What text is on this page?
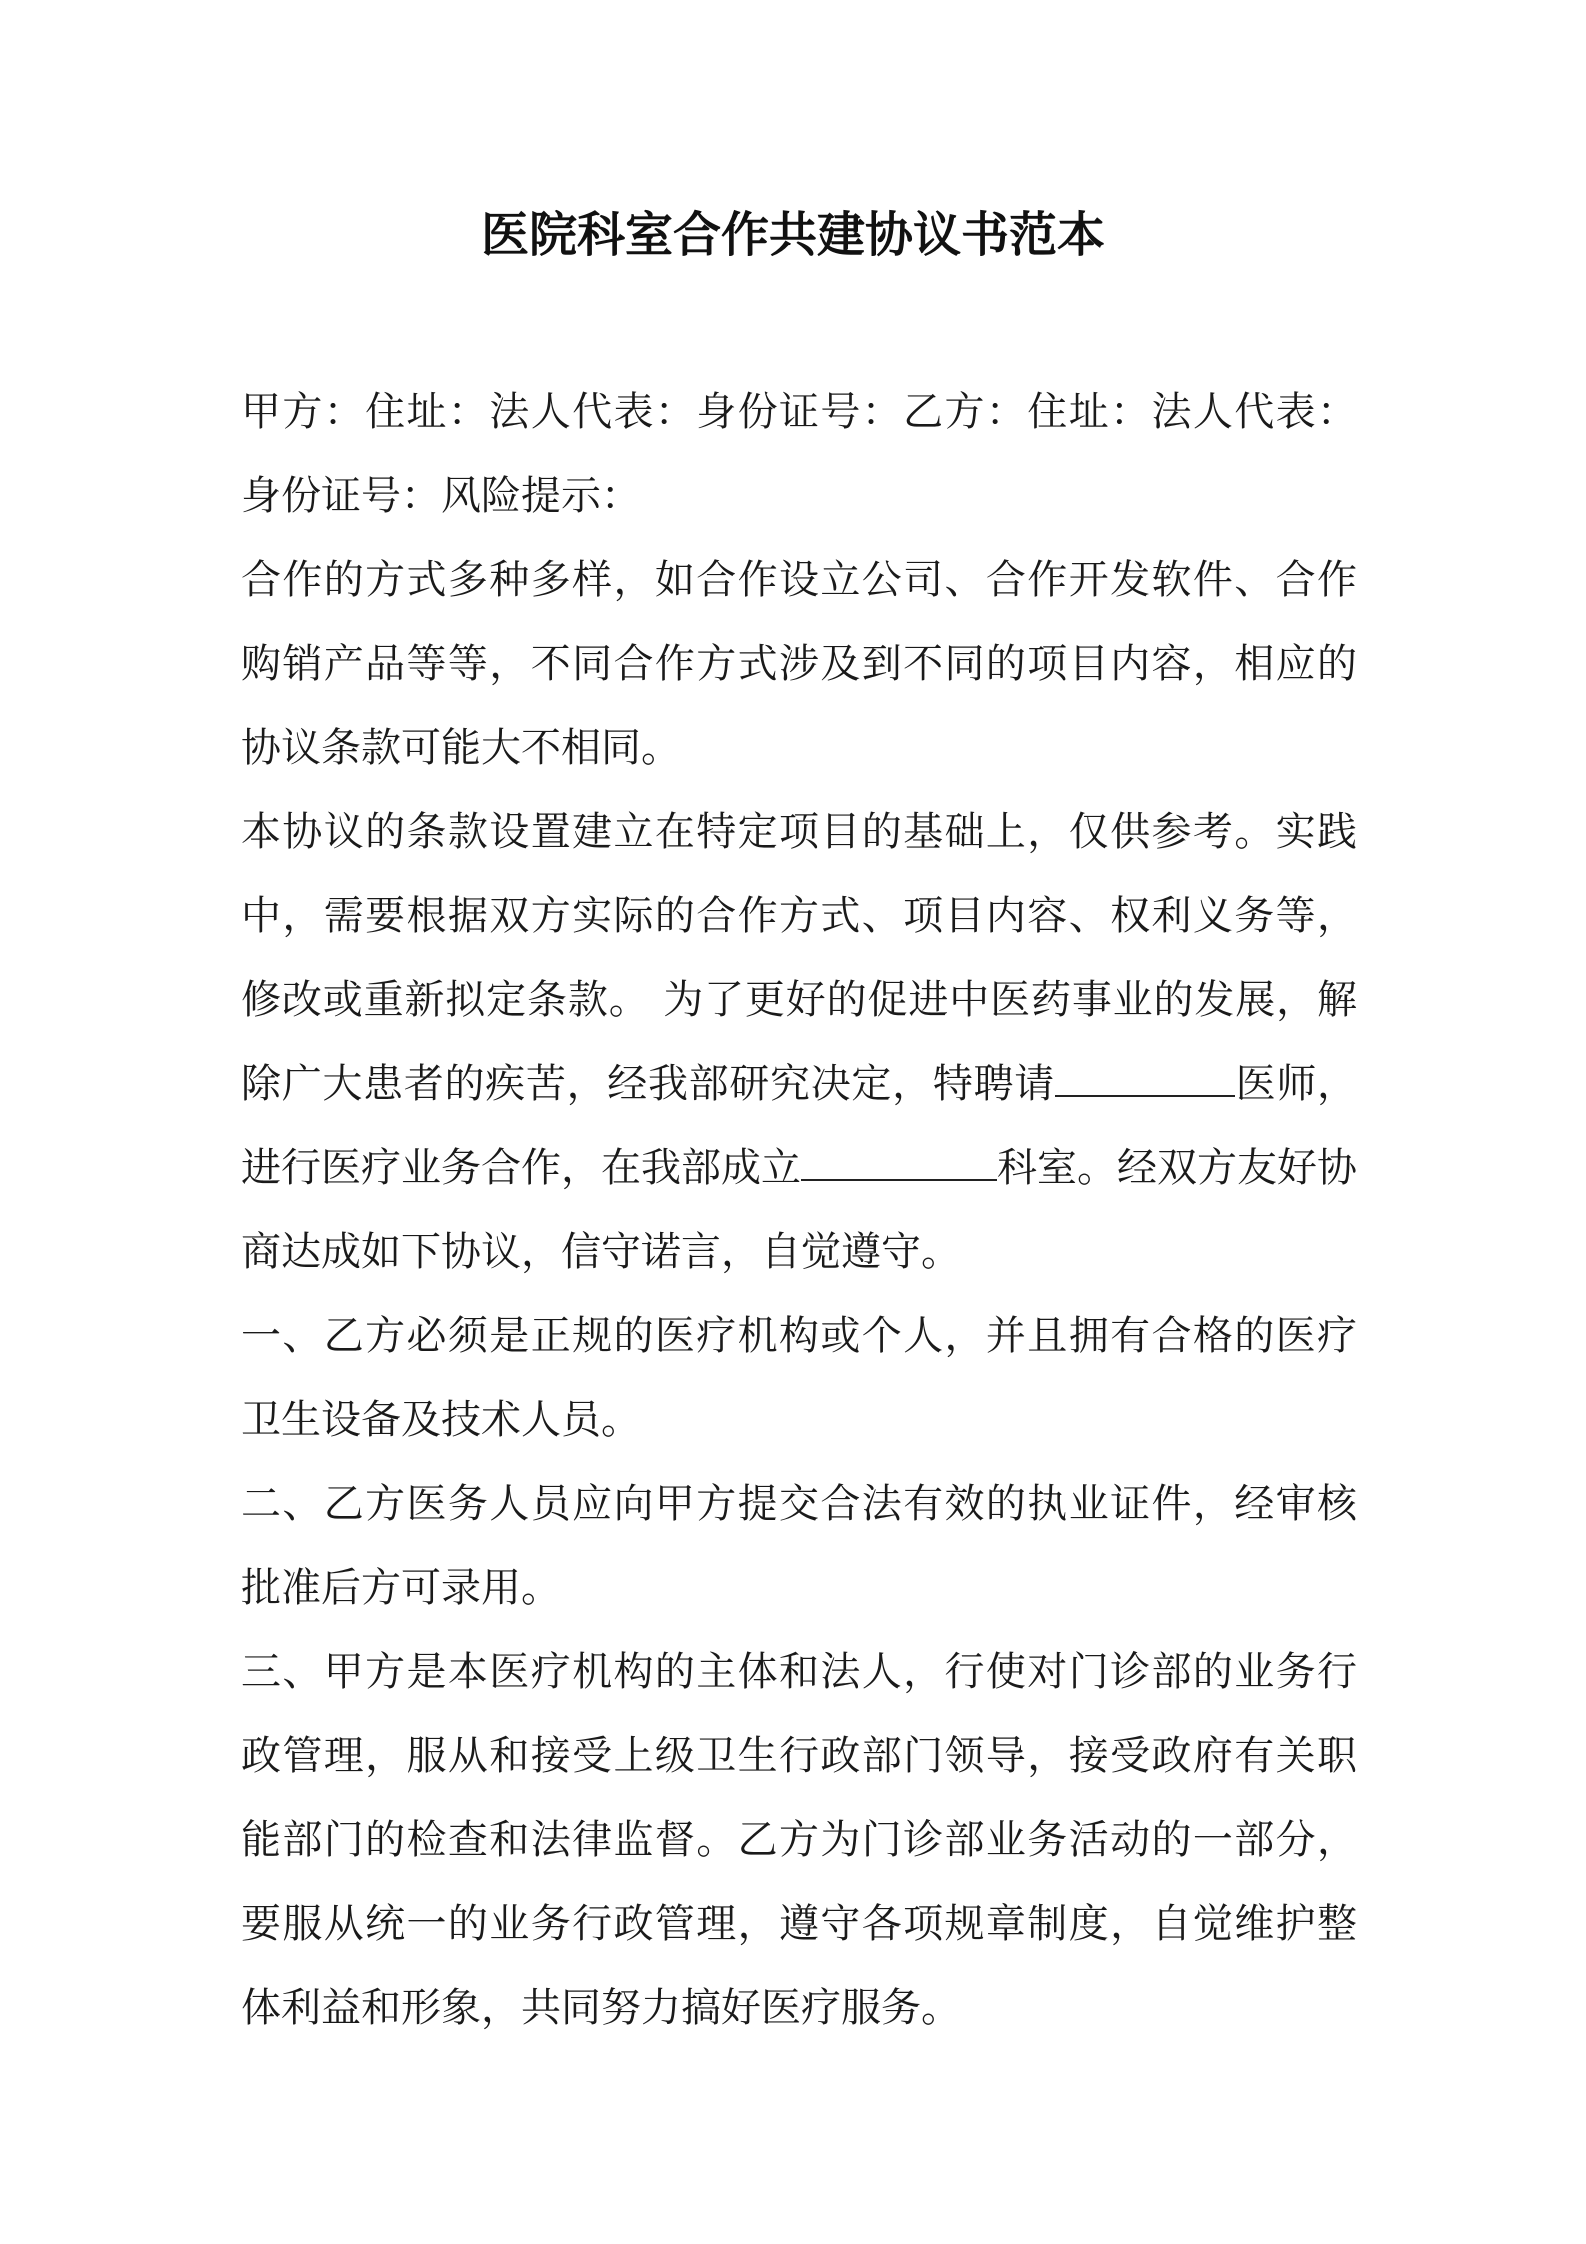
医院科室合作共建协议书范本

甲方：住址：法人代表：身份证号：乙方：住址：法人代表：身份证号：风险提示：

合作的方式多种多样，如合作设立公司、合作开发软件、合作购销产品等等，不同合作方式涉及到不同的项目内容，相应的协议条款可能大不相同。

本协议的条款设置建立在特定项目的基础上，仅供参考。实践中，需要根据双方实际的合作方式、项目内容、权利义务等，修改或重新拟定条款。 为了更好的促进中医药事业的发展，解除广大患者的疾苦，经我部研究决定，特聘请	医师，进行医疗业务合作，在我部成立	科室。经双方友好协商达成如下协议，信守诺言，自觉遵守。

一、乙方必须是正规的医疗机构或个人，并且拥有合格的医疗卫生设备及技术人员。

二、乙方医务人员应向甲方提交合法有效的执业证件，经审核批准后方可录用。

三、甲方是本医疗机构的主体和法人，行使对门诊部的业务行政管理，服从和接受上级卫生行政部门领导，接受政府有关职能部门的检查和法律监督。乙方为门诊部业务活动的一部分，要服从统一的业务行政管理，遵守各项规章制度，自觉维护整体利益和形象，共同努力搞好医疗服务。
